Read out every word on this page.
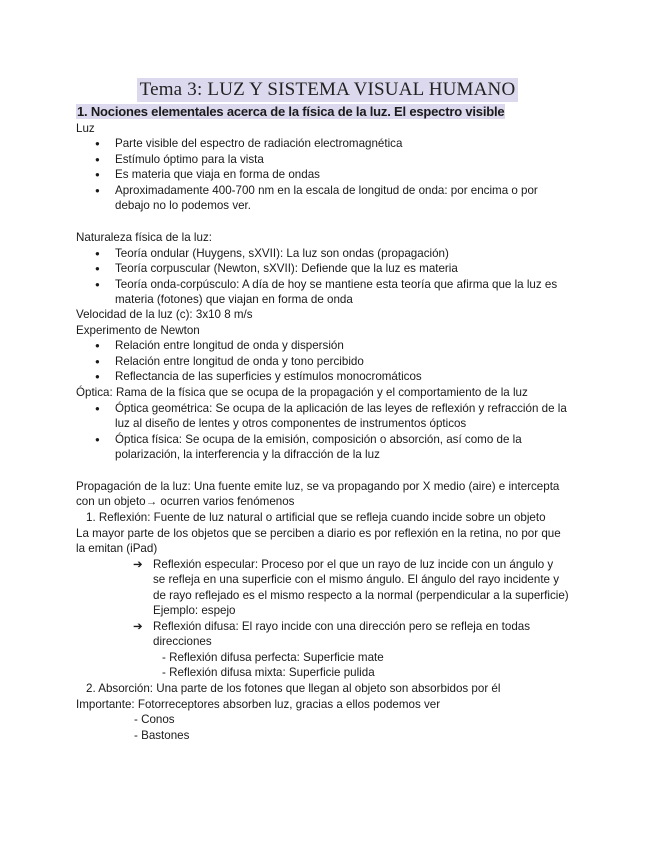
Tema 3: LUZ Y SISTEMA VISUAL HUMANO
1. Nociones elementales acerca de la física de la luz. El espectro visible
Luz
● Parte visible del espectro de radiación electromagnética
● Estímulo óptimo para la vista
● Es materia que viaja en forma de ondas
● Aproximadamente 400-700 nm en la escala de longitud de onda: por encima o por
debajo no lo podemos ver.
Naturaleza física de la luz:
● Teoría ondular (Huygens, sXVII): La luz son ondas (propagación)
● Teoría corpuscular (Newton, sXVII): Defiende que la luz es materia
● Teoría onda-corpúsculo: A día de hoy se mantiene esta teoría que afirma que la luz es
materia (fotones) que viajan en forma de onda
Velocidad de la luz (c): 3x10 8 m/s
Experimento de Newton
● Relación entre longitud de onda y dispersión
● Relación entre longitud de onda y tono percibido
● Reflectancia de las superficies y estímulos monocromáticos
Óptica: Rama de la física que se ocupa de la propagación y el comportamiento de la luz
● Óptica geométrica: Se ocupa de la aplicación de las leyes de reflexión y refracción de la
luz al diseño de lentes y otros componentes de instrumentos ópticos
● Óptica física: Se ocupa de la emisión, composición o absorción, así como de la
polarización, la interferencia y la difracción de la luz
Propagación de la luz: Una fuente emite luz, se va propagando por X medio (aire) e intercepta
con un objeto→ ocurren varios fenómenos
1. Reflexión: Fuente de luz natural o artificial que se refleja cuando incide sobre un objeto
La mayor parte de los objetos que se perciben a diario es por reflexión en la retina, no por que
la emitan (iPad)
➔ Reflexión especular: Proceso por el que un rayo de luz incide con un ángulo y
se refleja en una superficie con el mismo ángulo. El ángulo del rayo incidente y
de rayo reflejado es el mismo respecto a la normal (perpendicular a la superficie)
Ejemplo: espejo
➔ Reflexión difusa: El rayo incide con una dirección pero se refleja en todas
direcciones
- Reflexión difusa perfecta: Superficie mate
- Reflexión difusa mixta: Superficie pulida
2. Absorción: Una parte de los fotones que llegan al objeto son absorbidos por él
Importante: Fotorreceptores absorben luz, gracias a ellos podemos ver
- Conos
- Bastones
